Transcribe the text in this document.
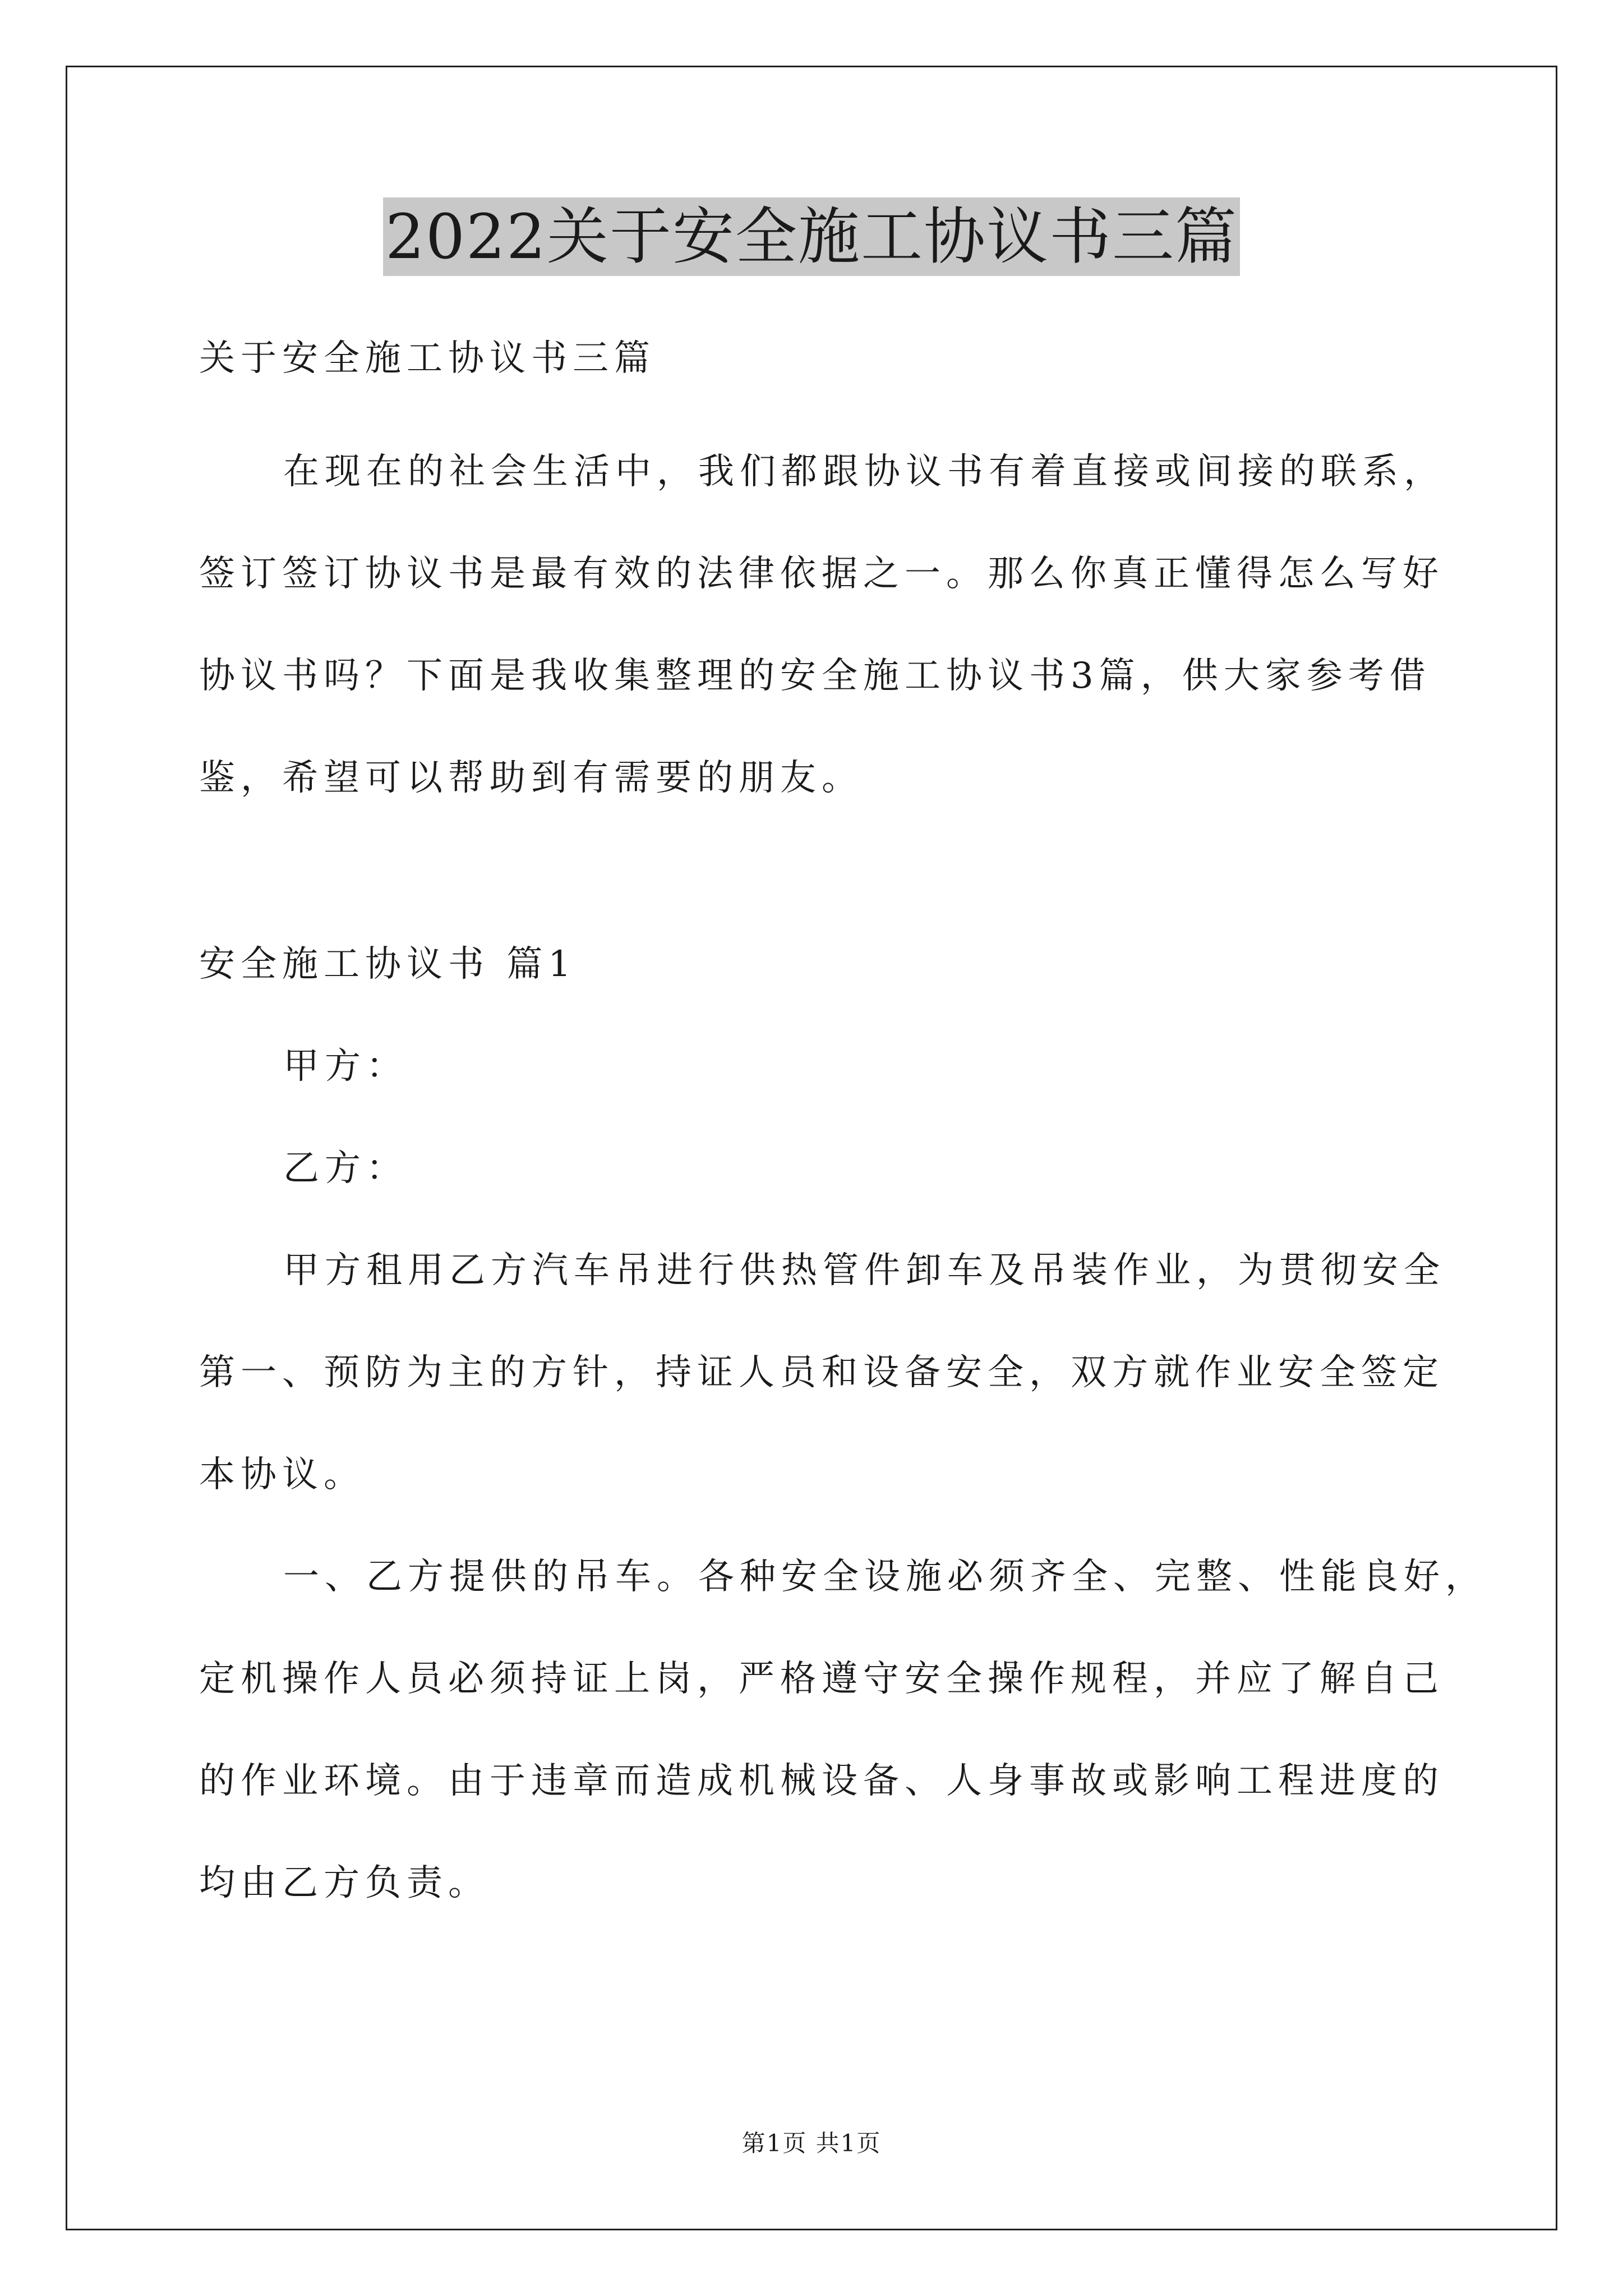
2022关于安全施工协议书三篇

关于安全施工协议书三篇

在现在的社会生活中，我们都跟协议书有着直接或间接的联系，

签订签订协议书是最有效的法律依据之一。那么你真正懂得怎么写好

协议书吗？下面是我收集整理的安全施工协议书3篇，供大家参考借

鉴，希望可以帮助到有需要的朋友。

安全施工协议书 篇1

甲方：

乙方：

甲方租用乙方汽车吊进行供热管件卸车及吊装作业，为贯彻安全

第一、预防为主的方针，持证人员和设备安全，双方就作业安全签定

本协议。

一、乙方提供的吊车。各种安全设施必须齐全、完整、性能良好，

定机操作人员必须持证上岗，严格遵守安全操作规程，并应了解自己

的作业环境。由于违章而造成机械设备、人身事故或影响工程进度的

均由乙方负责。

第1页 共1页
